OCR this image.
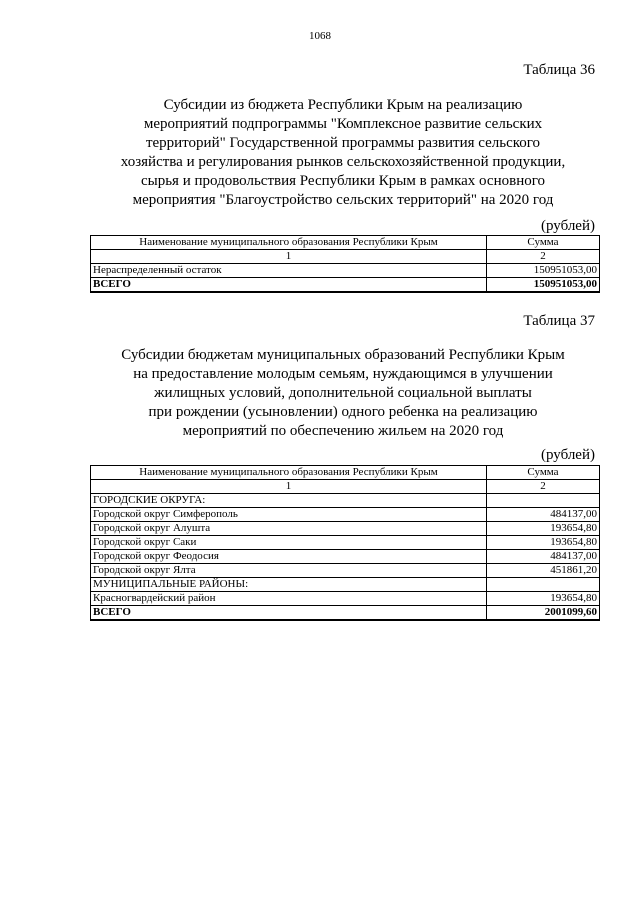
1068
Таблица 36
Субсидии из бюджета Республики Крым на реализацию
мероприятий подпрограммы "Комплексное развитие сельских
территорий" Государственной программы развития сельского
хозяйства и регулирования рынков сельскохозяйственной продукции,
сырья и продовольствия Республики Крым в рамках основного
мероприятия "Благоустройство сельских территорий" на 2020 год
(рублей)
Наименование муниципального образования Республики Крым	Сумма
1	2
Нераспределенный остаток	150951053,00
ВСЕГО	150951053,00
Таблица 37
Субсидии бюджетам муниципальных образований Республики Крым
на предоставление молодым семьям, нуждающимся в улучшении
жилищных условий, дополнительной социальной выплаты
при рождении (усыновлении) одного ребенка на реализацию
мероприятий по обеспечению жильем на 2020 год
(рублей)
Наименование муниципального образования Республики Крым	Сумма
1	2
ГОРОДСКИЕ ОКРУГА:	
Городской округ Симферополь	484137,00
Городской округ Алушта	193654,80
Городской округ Саки	193654,80
Городской округ Феодосия	484137,00
Городской округ Ялта	451861,20
МУНИЦИПАЛЬНЫЕ РАЙОНЫ:	
Красногвардейский район	193654,80
ВСЕГО	2001099,60
